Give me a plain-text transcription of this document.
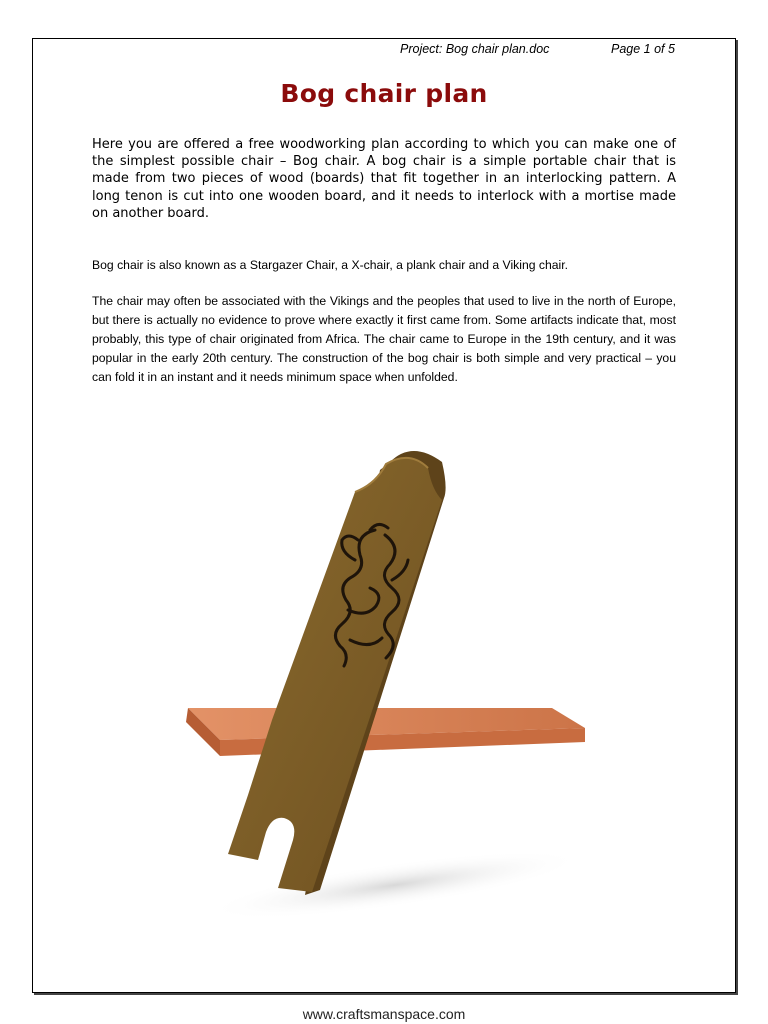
Project: Bog chair plan.doc	Page 1 of 5
Bog chair plan

Here you are offered a free woodworking plan according to which you can make one of the simplest possible chair – Bog chair. A bog chair is a simple portable chair that is made from two pieces of wood (boards) that fit together in an interlocking pattern. A long tenon is cut into one wooden board, and it needs to interlock with a mortise made on another board.

Bog chair is also known as a Stargazer Chair, a X-chair, a plank chair and a Viking chair.

The chair may often be associated with the Vikings and the peoples that used to live in the north of Europe, but there is actually no evidence to prove where exactly it first came from. Some artifacts indicate that, most probably, this type of chair originated from Africa. The chair came to Europe in the 19th century, and it was popular in the early 20th century. The construction of the bog chair is both simple and very practical – you can fold it in an instant and it needs minimum space when unfolded.

www.craftsmanspace.com
